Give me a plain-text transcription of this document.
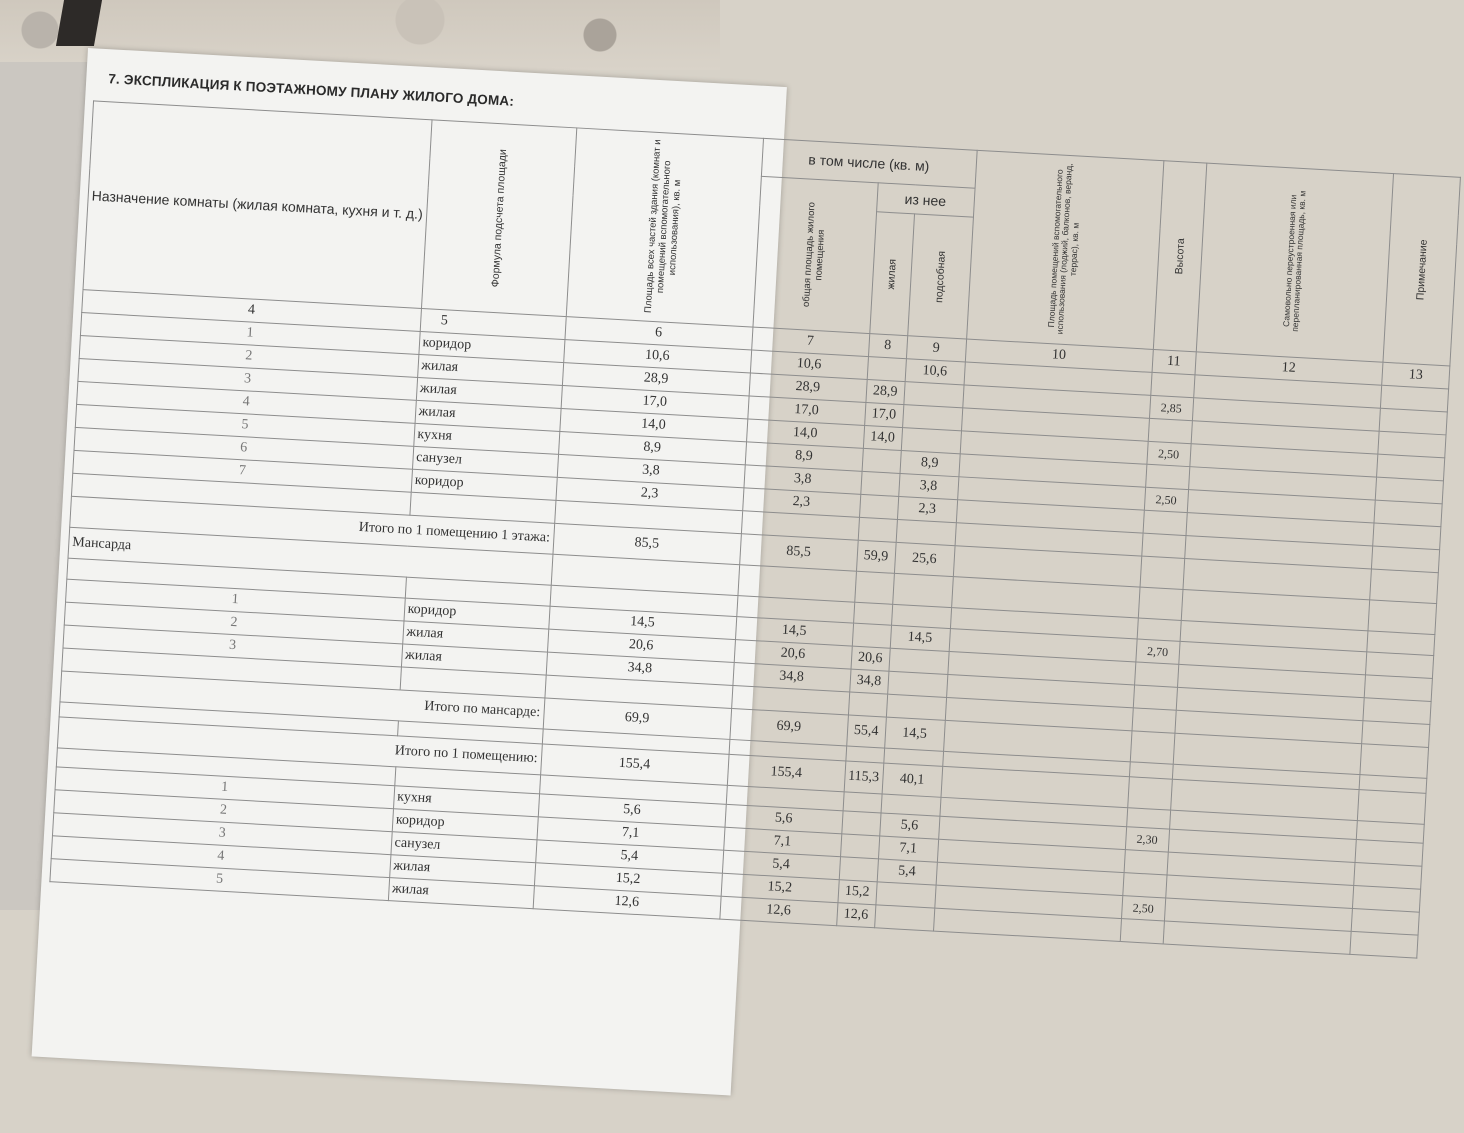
7. ЭКСПЛИКАЦИЯ К ПОЭТАЖНОМУ ПЛАНУ ЖИЛОГО ДОМА:
Назначение комнаты (жилая комната, кухня и т. д.)	Формула подсчета площади	Площадь всех частей здания (комнат и помещений вспомогательного использования), кв. м	в том числе (кв. м)			Площадь помещений вспомогательного использования (лоджий, балконов, веранд, террас), кв. м	Высота	Самовольно переустроенная или перепланированная площадь, кв. м	Примечание
			общая площадь жилого помещения	из нее					
				жилая	подсобная				
4	5	6	7	8	9	10	11	12	13
1	коридор	10,6	10,6		10,6				
2	жилая	28,9	28,9	28,9			2,85		
3	жилая	17,0	17,0	17,0					
4	жилая	14,0	14,0	14,0			2,50		
5	кухня	8,9	8,9		8,9				
6	санузел	3,8	3,8		3,8		2,50		
7	коридор	2,3	2,3		2,3				

Итого по 1 помещению 1 этажа:		85,5	85,5	59,9	25,6				
Мансарда									

1	коридор	14,5	14,5		14,5		2,70		
2	жилая	20,6	20,6	20,6					
3	жилая	34,8	34,8	34,8					

Итого по мансарде:		69,9	69,9	55,4	14,5				

Итого по 1 помещению:		155,4	155,4	115,3	40,1				

1	кухня	5,6	5,6		5,6		2,30		
2	коридор	7,1	7,1		7,1				
3	санузел	5,4	5,4		5,4				
4	жилая	15,2	15,2	15,2			2,50		
5	жилая	12,6	12,6	12,6					
